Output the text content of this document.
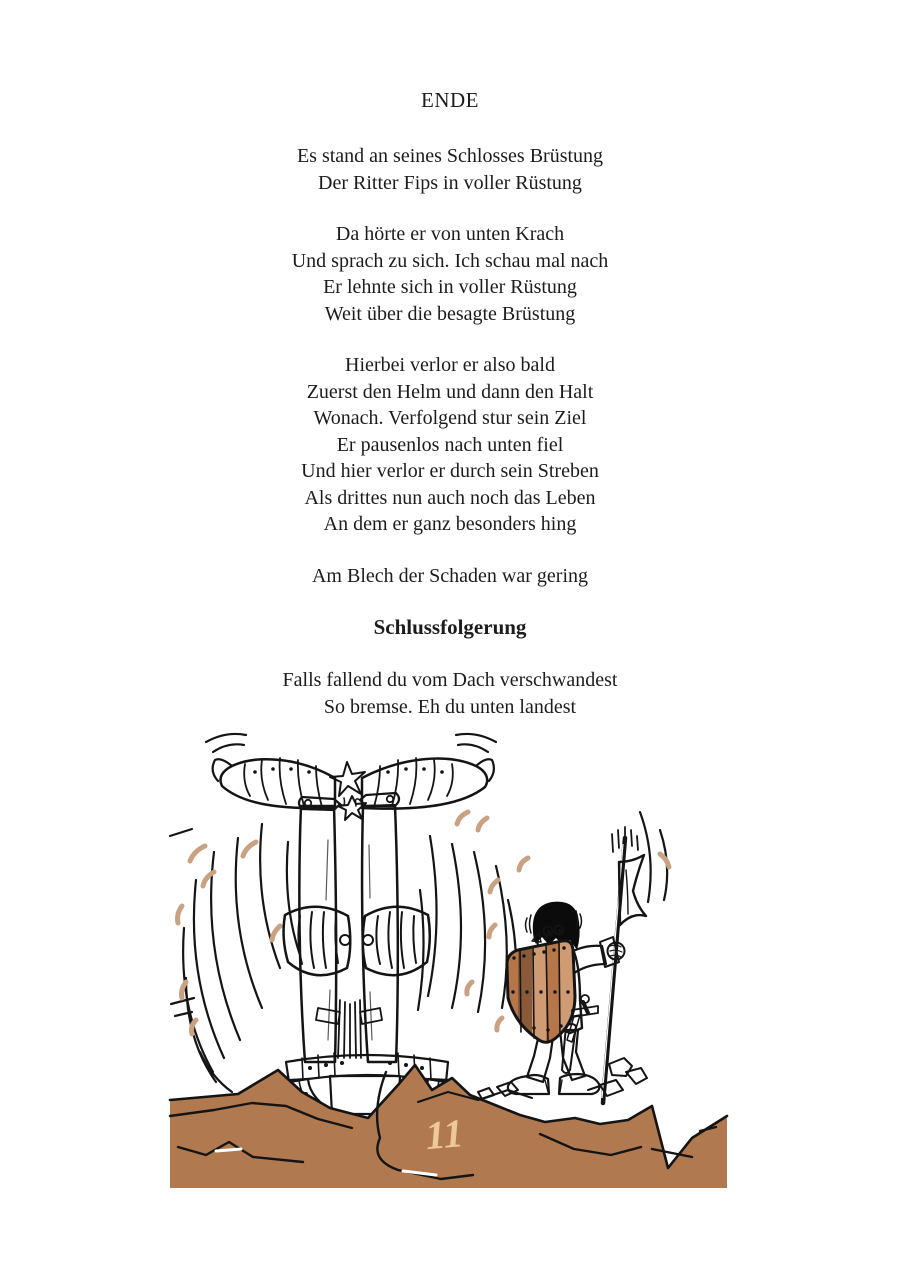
ENDE
Es stand an seines Schlosses Brüstung
Der Ritter Fips in voller Rüstung
Da hörte er von unten Krach
Und sprach zu sich. Ich schau mal nach
Er lehnte sich in voller Rüstung
Weit über die besagte Brüstung
Hierbei verlor er also bald
Zuerst den Helm und dann den Halt
Wonach. Verfolgend stur sein Ziel
Er pausenlos nach unten fiel
Und hier verlor er durch sein Streben
Als drittes nun auch noch das Leben
An dem er ganz besonders hing
Am Blech der Schaden war gering
Schlussfolgerung
Falls fallend du vom Dach verschwandest
So bremse. Eh du unten landest
11
